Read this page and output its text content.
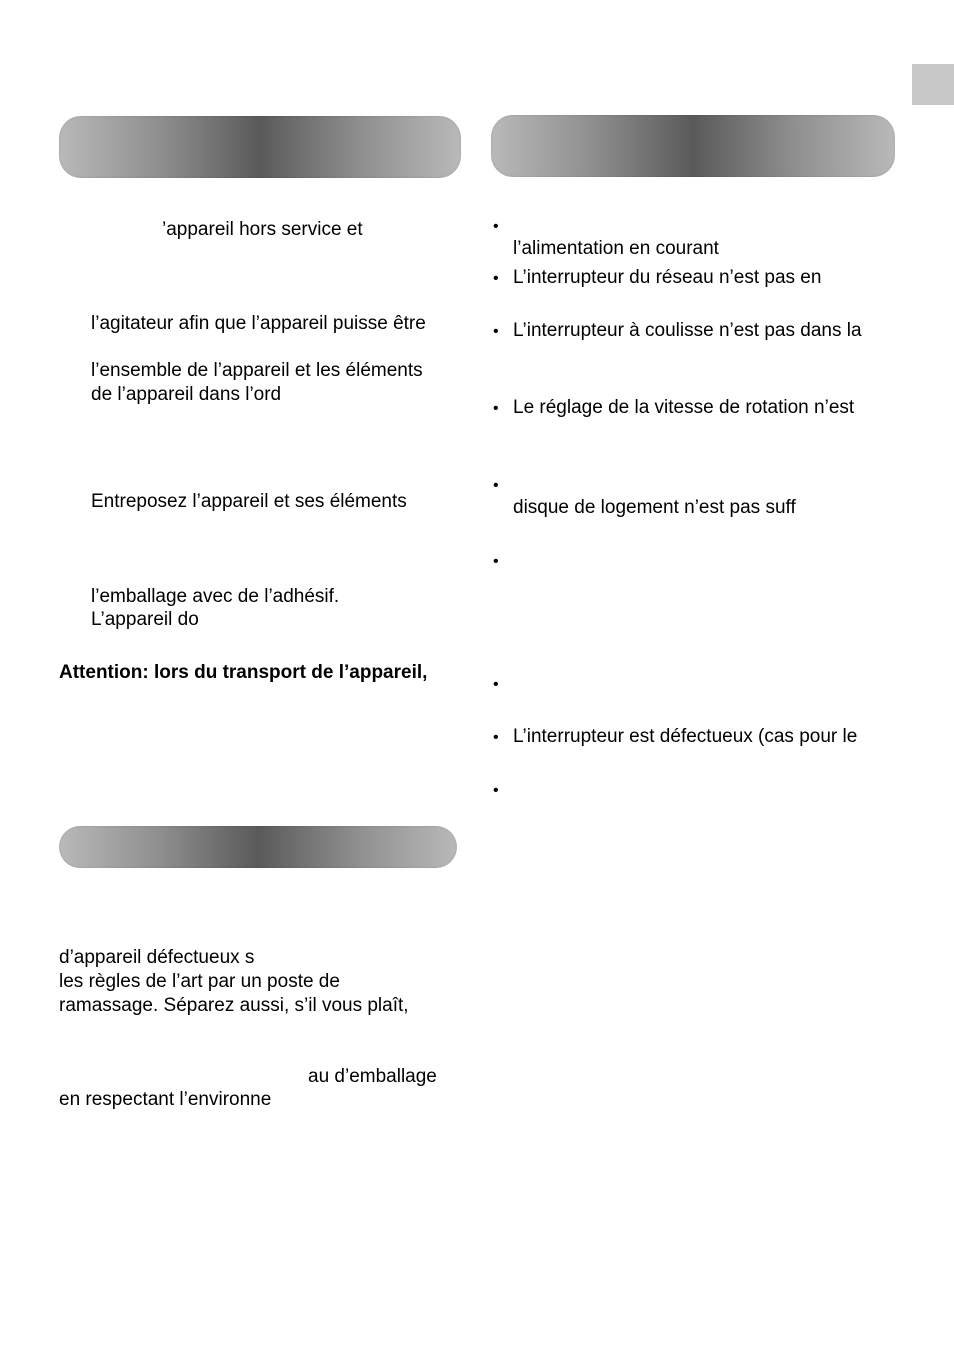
’appareil hors service et
l’agitateur afin que l’appareil puisse être
l’ensemble de l’appareil et les éléments
de l’appareil dans l’ord
Entreposez l’appareil et ses éléments
l’emballage avec de l’adhésif.
L’appareil do
Attention: lors du transport de l’appareil,
d’appareil défectueux s
les règles de l’art par un poste de
ramassage. Séparez aussi, s’il vous plaît,
au d’emballage
en respectant l’environne
•
l’alimentation en courant
• L’interrupteur du réseau n’est pas en
• L’interrupteur à coulisse n’est pas dans la
• Le réglage de la vitesse de rotation n’est
•
disque de logement n’est pas suff
•
•
• L’interrupteur est défectueux (cas pour le
•
